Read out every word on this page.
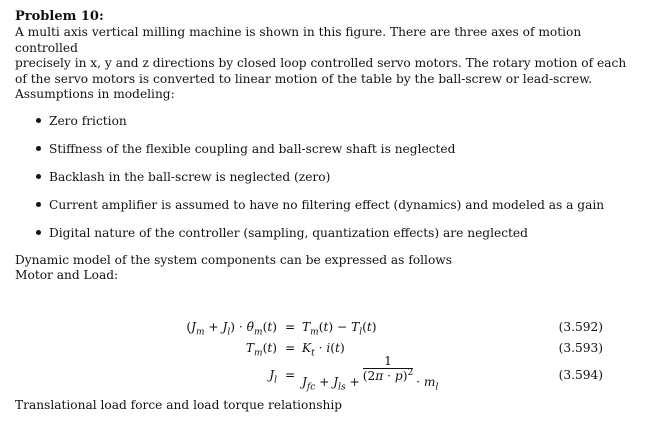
Problem 10:

A multi axis vertical milling machine is shown in this figure. There are three axes of motion controlled

precisely in x, y and z directions by closed loop controlled servo motors. The rotary motion of each

of the servo motors is converted to linear motion of the table by the ball-screw or lead-screw.

Assumptions in modeling:

Zero friction
Stiffness of the flexible coupling and ball-screw shaft is neglected
Backlash in the ball-screw is neglected (zero)
Current amplifier is assumed to have no filtering effect (dynamics) and modeled as a gain
Digital nature of the controller (sampling, quantization effects) are neglected

Dynamic model of the system components can be expressed as follows

Motor and Load:

$(J_m + J_l)$ · $\thetä_m(t) = T_m(t) - T_l(t)$	(3.592)
$T_m(t) = K_t \cdot i(t)$	(3.593)
$J_l = J_{fc} + J_{ls} + \frac{1}{(2\pi \cdot p)^2} \cdot m_l$
(3.594)

Translational load force and load torque relationship
